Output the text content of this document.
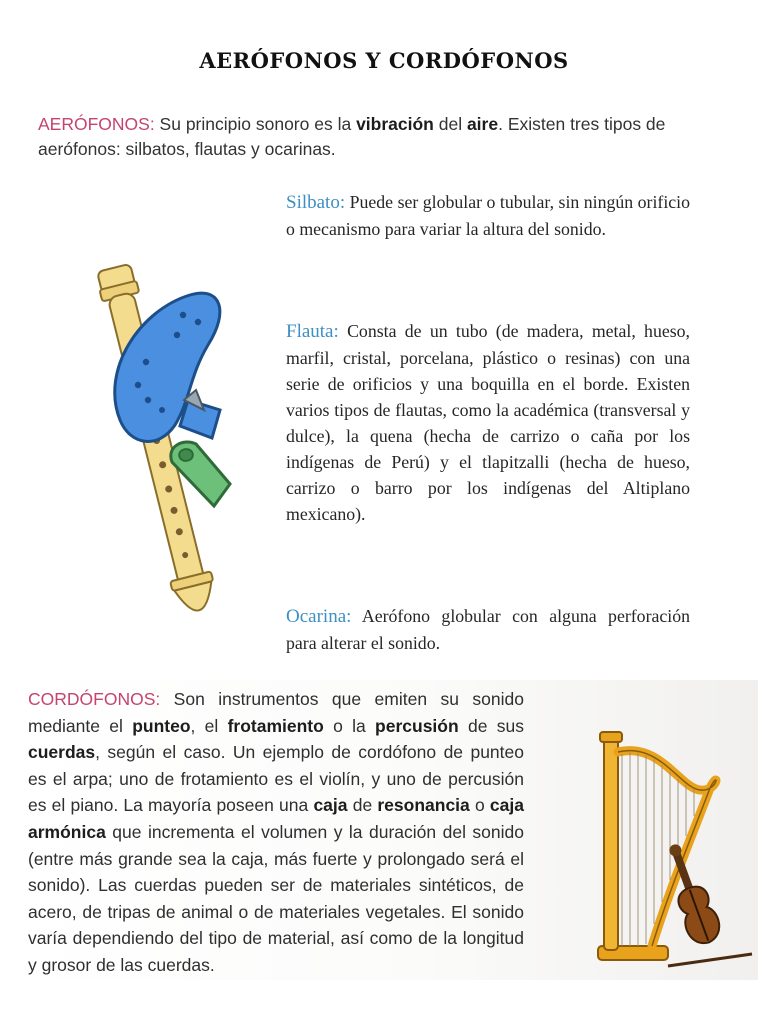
AERÓFONOS Y CORDÓFONOS

AERÓFONOS: Su principio sonoro es la vibración del aire. Existen tres tipos de aerófonos: silbatos, flautas y ocarinas.

Silbato: Puede ser globular o tubular, sin ningún orificio o mecanismo para variar la altura del sonido.

Flauta: Consta de un tubo (de madera, metal, hueso, marfil, cristal, porcelana, plástico o resinas) con una serie de orificios y una boquilla en el borde. Existen varios tipos de flautas, como la académica (transversal y dulce), la quena (hecha de carrizo o caña por los indígenas de Perú) y el tlapitzalli (hecha de hueso, carrizo o barro por los indígenas del Altiplano mexicano).

Ocarina: Aerófono globular con alguna perforación para alterar el sonido.

CORDÓFONOS: Son instrumentos que emiten su sonido mediante el punteo, el frotamiento o la percusión de sus cuerdas, según el caso. Un ejemplo de cordófono de punteo es el arpa; uno de frotamiento es el violín, y uno de percusión es el piano. La mayoría poseen una caja de resonancia o caja armónica que incrementa el volumen y la duración del sonido (entre más grande sea la caja, más fuerte y prolongado será el sonido). Las cuerdas pueden ser de materiales sintéticos, de acero, de tripas de animal o de materiales vegetales. El sonido varía dependiendo del tipo de material, así como de la longitud y grosor de las cuerdas.
